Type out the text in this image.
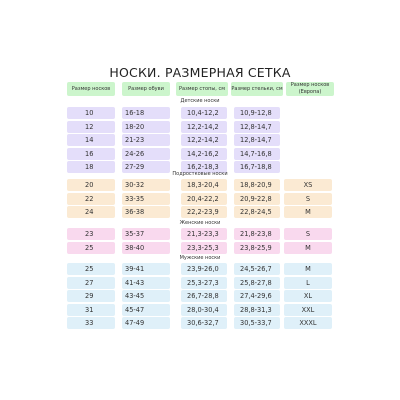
НОСКИ. РАЗМЕРНАЯ СЕТКА
Размер носков	Размер обуви	Размер стопы, см	Размер стельки, см
Размер носков (Европа)
Детские носки
10	16-18	10,4-12,2	10,9-12,8
12	18-20	12,2-14,2	12,8-14,7
14	21-23	12,2-14,2	12,8-14,7
16	24-26	14,2-16,2	14,7-16,8
18	27-29	16,2-18,3	16,7-18,8
Подростковые носки
20	30-32	18,3-20,4	18,8-20,9	XS
22	33-35	20,4-22,2	20,9-22,8	S
24	36-38	22,2-23,9	22,8-24,5	M
Женские носки
23	35-37	21,3-23,3	21,8-23,8	S
25	38-40	23,3-25,3	23,8-25,9	M
Мужские носки
25	39-41	23,9-26,0	24,5-26,7	M
27	41-43	25,3-27,3	25,8-27,8	L
29	43-45	26,7-28,8	27,4-29,6	XL
31	45-47	28,0-30,4	28,8-31,3	XXL
33	47-49	30,6-32,7	30,5-33,7	XXXL
